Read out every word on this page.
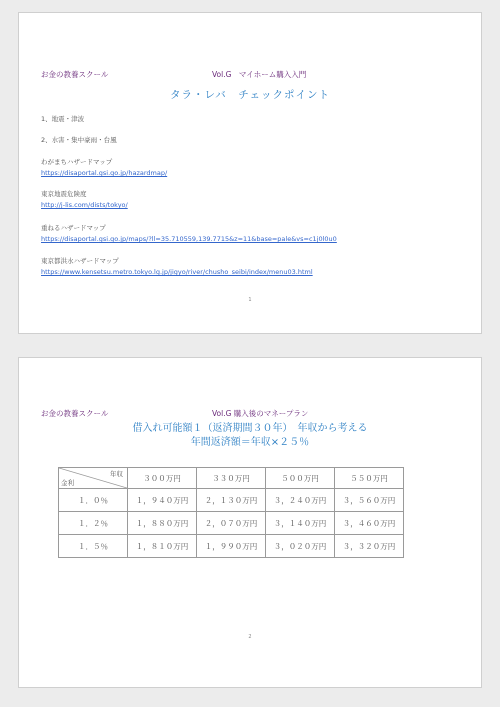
お金の教養スクール	Vol.G　マイホーム購入入門
タラ・レバ　チェックポイント
1、地震・津波
2、水害・集中豪雨・台風
わがまちハザードマップ
https://disaportal.gsi.go.jp/hazardmap/
東京地震危険度
http://j-lis.com/dists/tokyo/
重ねるハザードマップ
https://disaportal.gsi.go.jp/maps/?ll=35.710559,139.7715&z=11&base=pale&vs=c1j0l0u0
東京都洪水ハザードマップ
https://www.kensetsu.metro.tokyo.lg.jp/jigyo/river/chusho_seibi/index/menu03.html
1
お金の教養スクール	Vol.G 購入後のマネープラン
借入れ可能額１（返済期間３０年）　年収から考える
年間返済額＝年収×２５％
年収
金利	３００万円	３３０万円	５００万円	５５０万円
１．０％	１，９４０万円	２，１３０万円	３，２４０万円	３，５６０万円
１．２％	１，８８０万円	２，０７０万円	３，１４０万円	３，４６０万円
１．５％	１，８１０万円	１，９９０万円	３，０２０万円	３，３２０万円
2
